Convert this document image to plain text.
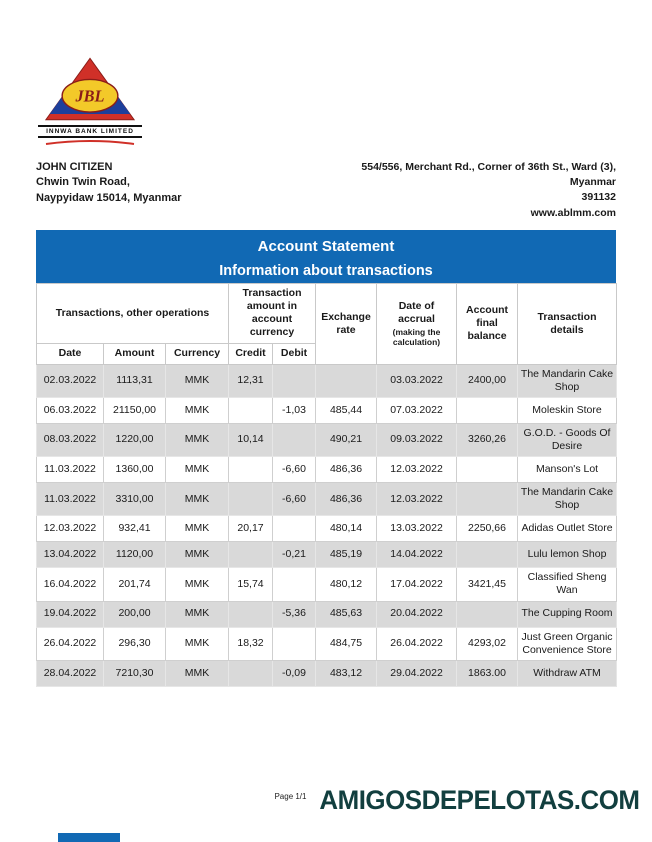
JBL
INNWA BANK LIMITED
JOHN CITIZEN
Chwin Twin Road,
Naypyidaw 15014, Myanmar
554/556, Merchant Rd., Corner of 36th St., Ward (3),
Myanmar
391132
www.ablmm.com
Account Statement
Information about transactions
Transactions, other operations			Transaction amount in account currency		Exchange rate	Date of accrual
(making the calculation)	Account final balance	Transaction details
Date	Amount	Currency	Credit	Debit				
02.03.2022	1113,31	MMK	12,31			03.03.2022	2400,00	The Mandarin Cake Shop
06.03.2022	21150,00	MMK		-1,03	485,44	07.03.2022		Moleskin Store
08.03.2022	1220,00	MMK	10,14		490,21	09.03.2022	3260,26	G.O.D. - Goods Of Desire
11.03.2022	1360,00	MMK		-6,60	486,36	12.03.2022		Manson's Lot
11.03.2022	3310,00	MMK		-6,60	486,36	12.03.2022		The Mandarin Cake Shop
12.03.2022	932,41	MMK	20,17		480,14	13.03.2022	2250,66	Adidas Outlet Store
13.04.2022	1120,00	MMK		-0,21	485,19	14.04.2022		Lulu lemon Shop
16.04.2022	201,74	MMK	15,74		480,12	17.04.2022	3421,45	Classified Sheng Wan
19.04.2022	200,00	MMK		-5,36	485,63	20.04.2022		The Cupping Room
26.04.2022	296,30	MMK	18,32		484,75	26.04.2022	4293,02	Just Green Organic Convenience Store
28.04.2022	7210,30	MMK		-0,09	483,12	29.04.2022	1863.00	Withdraw ATM
Page 1/1 AMIGOSDEPELOTAS.COM
